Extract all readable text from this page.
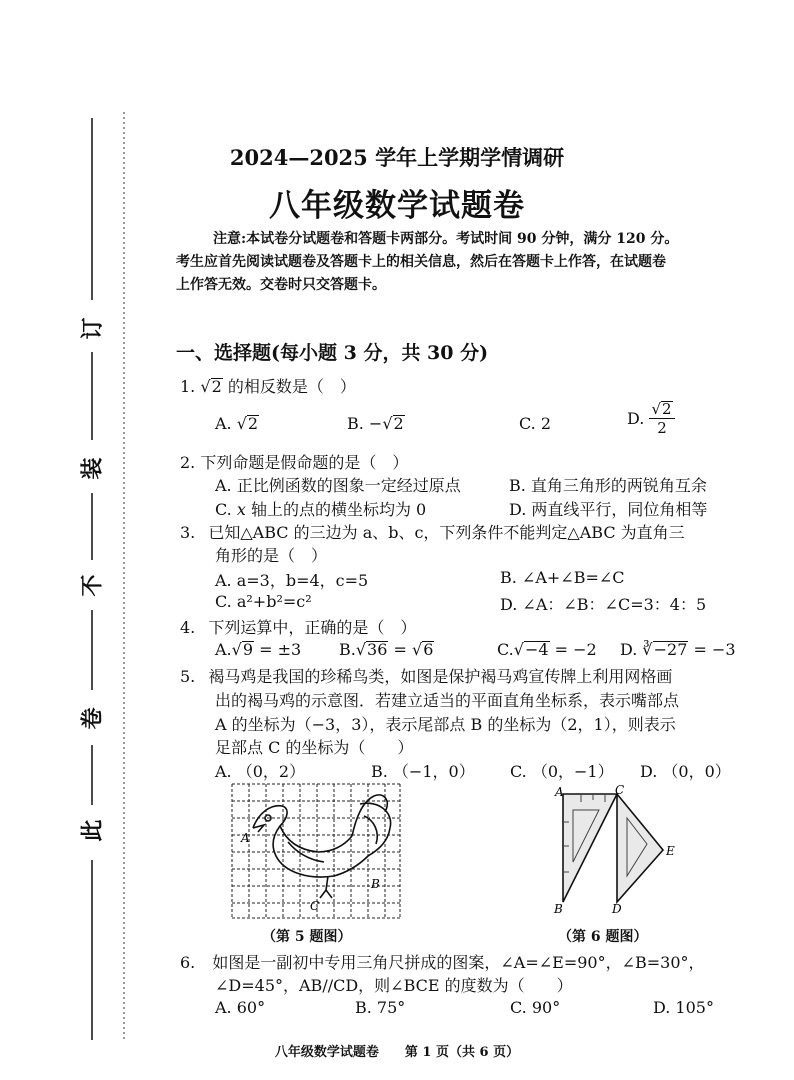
此
卷
不
装
订
2024—2025 学年上学期学情调研
八年级数学试题卷
注意:本试卷分试题卷和答题卡两部分。考试时间 90 分钟，满分 120 分。
考生应首先阅读试题卷及答题卡上的相关信息，然后在答题卡上作答，在试题卷
上作答无效。交卷时只交答题卡。
一、选择题(每小题 3 分，共 30 分)
1. √2 的相反数是（　）
A. √2	B. −√2	C. 2	D. $\frac{√2}{2}$
2. 下列命题是假命题的是（　）
A. 正比例函数的图象一定经过原点	B. 直角三角形的两锐角互余
C. x 轴上的点的横坐标均为 0	D. 两直线平行，同位角相等
3. 已知△ABC 的三边为 a、b、c，下列条件不能判定△ABC 为直角三
角形的是（　）
A. a=3，b=4，c=5	B. ∠A+∠B=∠C
C. a²+b²=c²	D. ∠A：∠B：∠C=3：4：5
4. 下列运算中，正确的是（　）
A.√9 = ±3 B.√36 = √6	C.√−4 = −2 D. ∛−27 = −3
5. 褐马鸡是我国的珍稀鸟类，如图是保护褐马鸡宣传牌上利用网格画
出的褐马鸡的示意图．若建立适当的平面直角坐标系，表示嘴部点
A 的坐标为（−3，3），表示尾部点 B 的坐标为（2，1），则表示
足部点 C 的坐标为（　　）
A. （0，2）	B. （−1，0） C. （0，−1） D. （0，0）
A
B
C
（第 5 题图）
A	C
E
B	D
（第 6 题图）
6. 如图是一副初中专用三角尺拼成的图案，∠A=∠E=90°，∠B=30°，
∠D=45°，AB//CD，则∠BCE 的度数为（　　）
A. 60°	B. 75°	C. 90°	D. 105°
八年级数学试题卷　　第 1 页（共 6 页）
